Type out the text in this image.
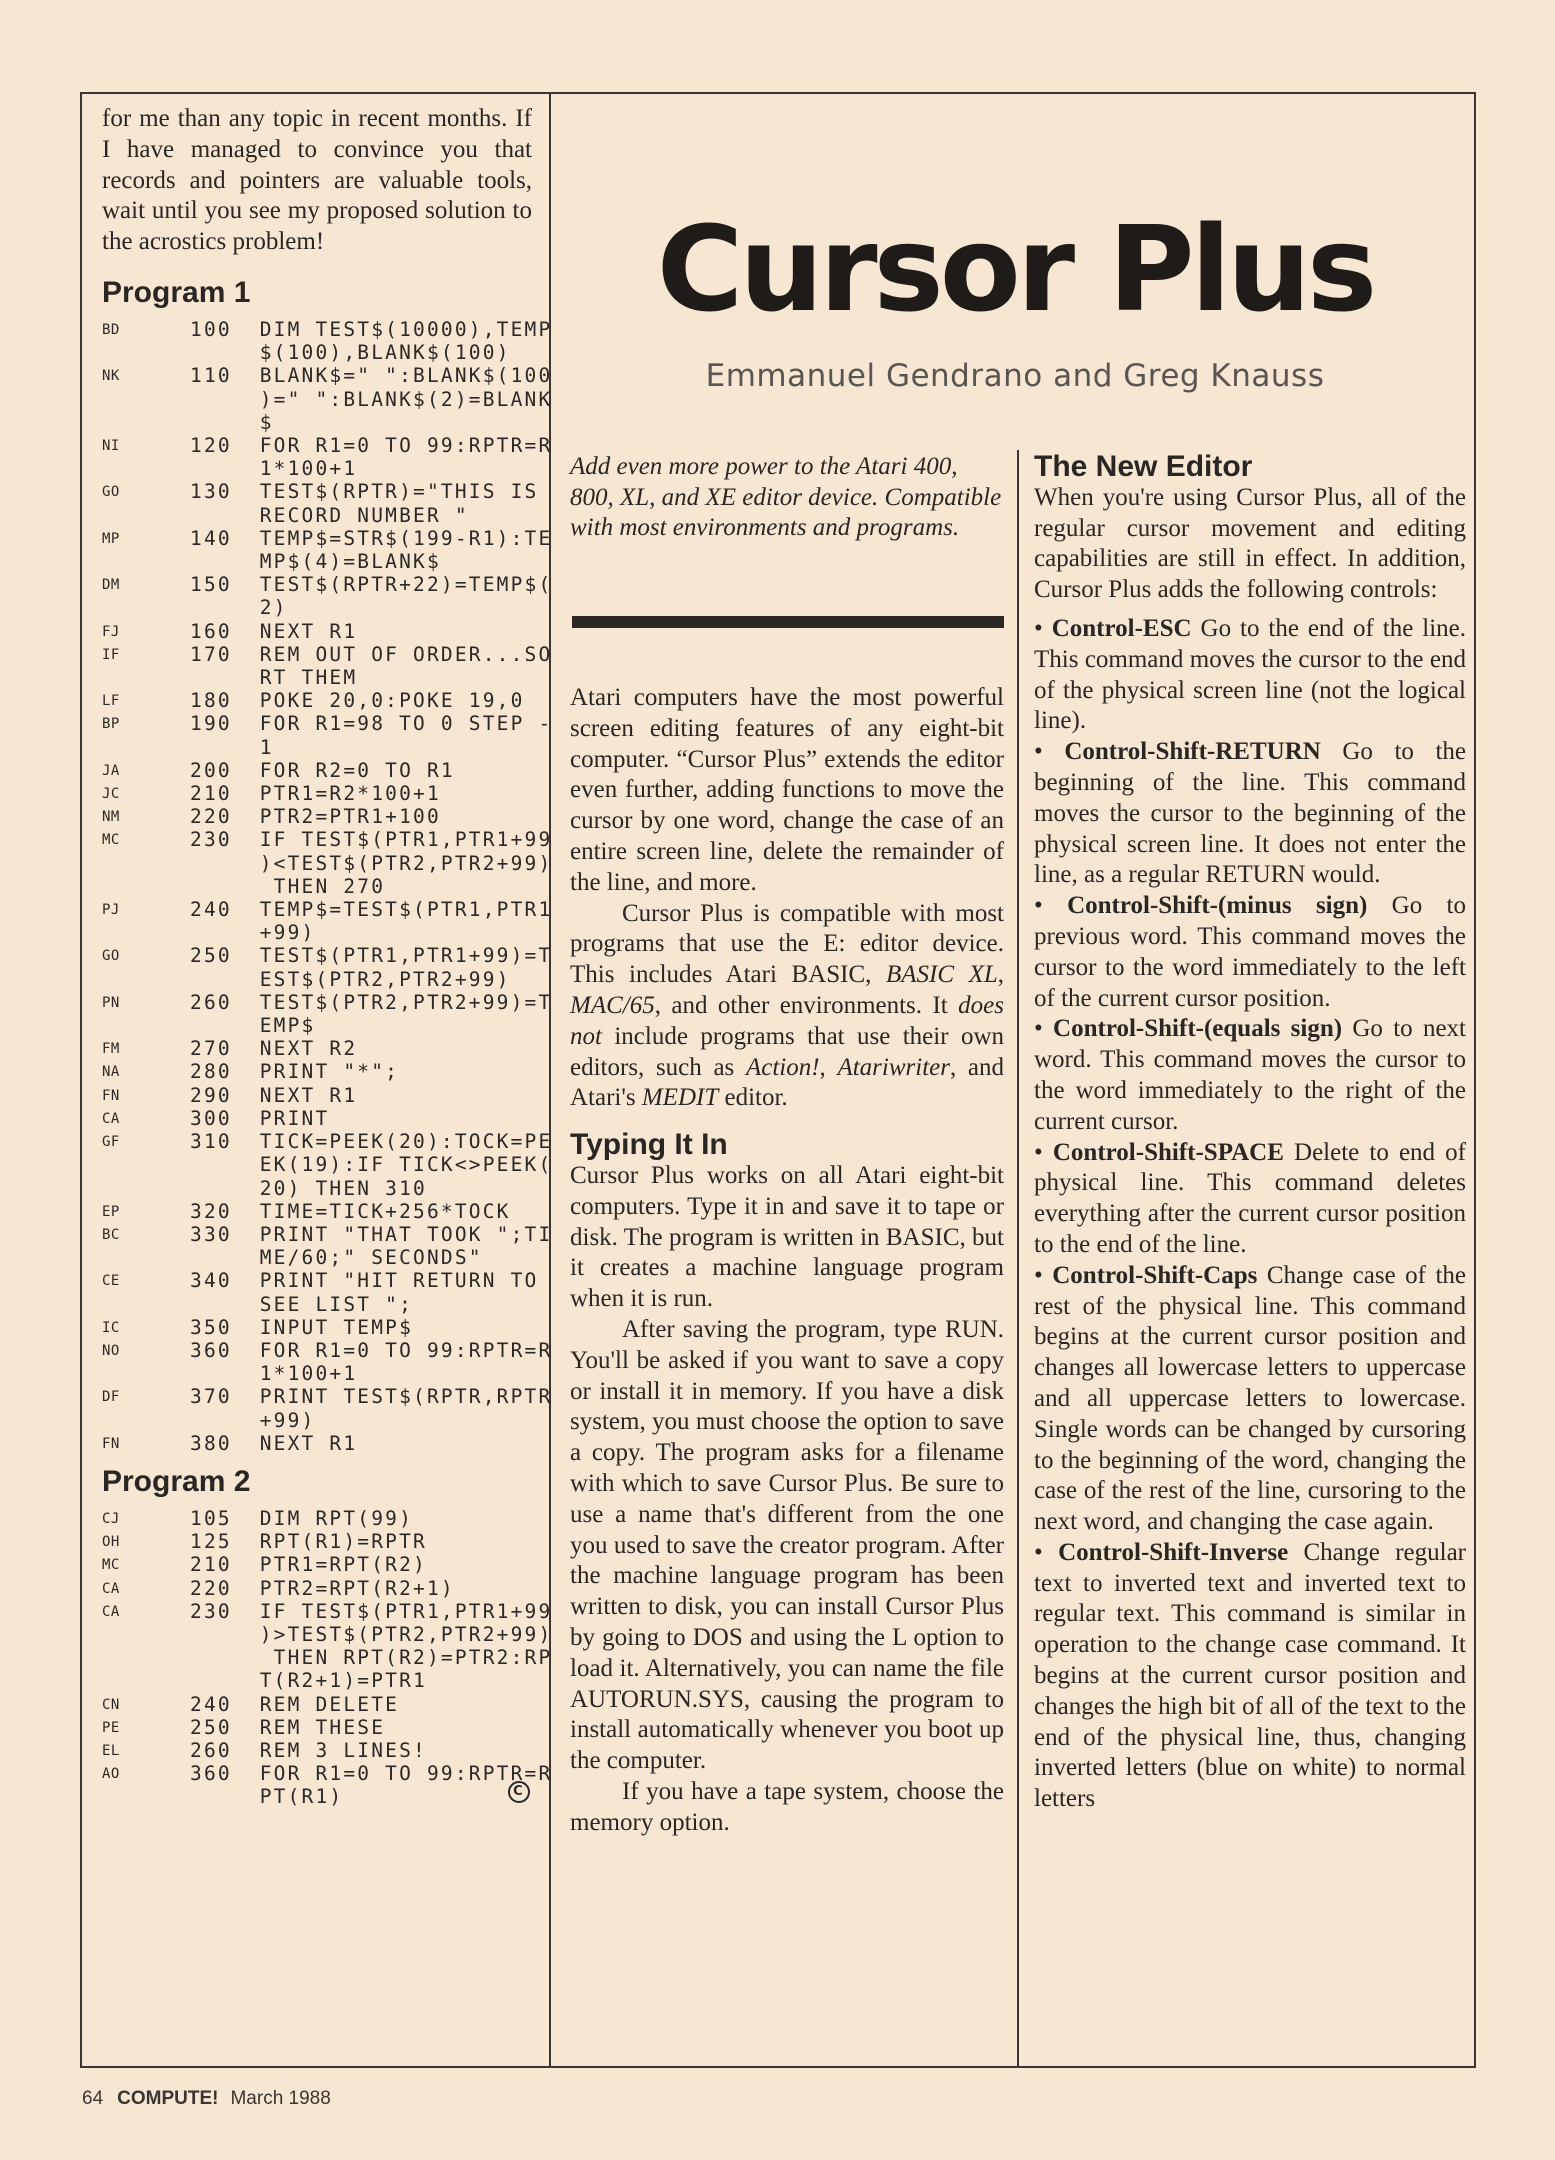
for me than any topic in recent months. If I have managed to convince you that records and pointers are valuable tools, wait until you see my proposed solution to the acrostics problem!

Program 1
BD	100  DIM TEST$(10000),TEMP
$(100),BLANK$(100)
NK	110  BLANK$=" ":BLANK$(100
)=" ":BLANK$(2)=BLANK
$
NI	120  FOR R1=0 TO 99:RPTR=R
1*100+1
GO	130  TEST$(RPTR)="THIS IS
RECORD NUMBER "
MP	140  TEMP$=STR$(199-R1):TE
MP$(4)=BLANK$
DM	150  TEST$(RPTR+22)=TEMP$(
2)
FJ	160  NEXT R1
IF	170  REM OUT OF ORDER...SO
RT THEM
LF	180  POKE 20,0:POKE 19,0
BP	190  FOR R1=98 TO 0 STEP -
1
JA	200  FOR R2=0 TO R1
JC	210  PTR1=R2*100+1
NM	220  PTR2=PTR1+100
MC	230  IF TEST$(PTR1,PTR1+99
)<TEST$(PTR2,PTR2+99)
THEN 270
PJ	240  TEMP$=TEST$(PTR1,PTR1
+99)
GO	250  TEST$(PTR1,PTR1+99)=T
EST$(PTR2,PTR2+99)
PN	260  TEST$(PTR2,PTR2+99)=T
EMP$
FM	270  NEXT R2
NA	280  PRINT "*";
FN	290  NEXT R1
CA	300  PRINT
GF	310  TICK=PEEK(20):TOCK=PE
EK(19):IF TICK<>PEEK(
20) THEN 310
EP	320  TIME=TICK+256*TOCK
BC	330  PRINT "THAT TOOK ";TI
ME/60;" SECONDS"
CE	340  PRINT "HIT RETURN TO
SEE LIST ";
IC	350  INPUT TEMP$
NO	360  FOR R1=0 TO 99:RPTR=R
1*100+1
DF	370  PRINT TEST$(RPTR,RPTR
+99)
FN	380  NEXT R1
Program 2
CJ	105  DIM RPT(99)
OH	125  RPT(R1)=RPTR
MC	210  PTR1=RPT(R2)
CA	220  PTR2=RPT(R2+1)
CA	230  IF TEST$(PTR1,PTR1+99
)>TEST$(PTR2,PTR2+99)
THEN RPT(R2)=PTR2:RP
T(R2+1)=PTR1
CN	240  REM DELETE
PE	250  REM THESE
EL	260  REM 3 LINES!
AO	360  FOR R1=0 TO 99:RPTR=R
PT(R1)	C
Cursor Plus
Emmanuel Gendrano and Greg Knauss

Add even more power to the Atari 400, 800, XL, and XE editor device. Compatible with most environments and programs.

Atari computers have the most powerful screen editing features of any eight-bit computer. “Cursor Plus” extends the editor even further, adding functions to move the cursor by one word, change the case of an entire screen line, delete the remainder of the line, and more.

Cursor Plus is compatible with most programs that use the E: editor device. This includes Atari BASIC, BASIC XL, MAC/65, and other environments. It does not include programs that use their own editors, such as Action!, Atariwriter, and Atari's MEDIT editor.

Typing It In

Cursor Plus works on all Atari eight-bit computers. Type it in and save it to tape or disk. The program is written in BASIC, but it creates a machine language program when it is run.

After saving the program, type RUN. You'll be asked if you want to save a copy or install it in memory. If you have a disk system, you must choose the option to save a copy. The program asks for a filename with which to save Cursor Plus. Be sure to use a name that's different from the one you used to save the creator program. After the machine language program has been written to disk, you can install Cursor Plus by going to DOS and using the L option to load it. Alternatively, you can name the file AUTORUN.SYS, causing the program to install automatically whenever you boot up the computer.

If you have a tape system, choose the memory option.

The New Editor

When you're using Cursor Plus, all of the regular cursor movement and editing capabilities are still in effect. In addition, Cursor Plus adds the following controls:

• Control-ESC Go to the end of the line. This command moves the cursor to the end of the physical screen line (not the logical line).

• Control-Shift-RETURN Go to the beginning of the line. This command moves the cursor to the beginning of the physical screen line. It does not enter the line, as a regular RETURN would.

• Control-Shift-(minus sign) Go to previous word. This command moves the cursor to the word immediately to the left of the current cursor position.

• Control-Shift-(equals sign) Go to next word. This command moves the cursor to the word immediately to the right of the current cursor.

• Control-Shift-SPACE Delete to end of physical line. This command deletes everything after the current cursor position to the end of the line.

• Control-Shift-Caps Change case of the rest of the physical line. This command begins at the current cursor position and changes all lowercase letters to uppercase and all uppercase letters to lowercase. Single words can be changed by cursoring to the beginning of the word, changing the case of the rest of the line, cursoring to the next word, and changing the case again.

• Control-Shift-Inverse Change regular text to inverted text and inverted text to regular text. This command is similar in operation to the change case command. It begins at the current cursor position and changes the high bit of all of the text to the end of the physical line, thus, changing inverted letters (blue on white) to normal letters

64 COMPUTE! March 1988
